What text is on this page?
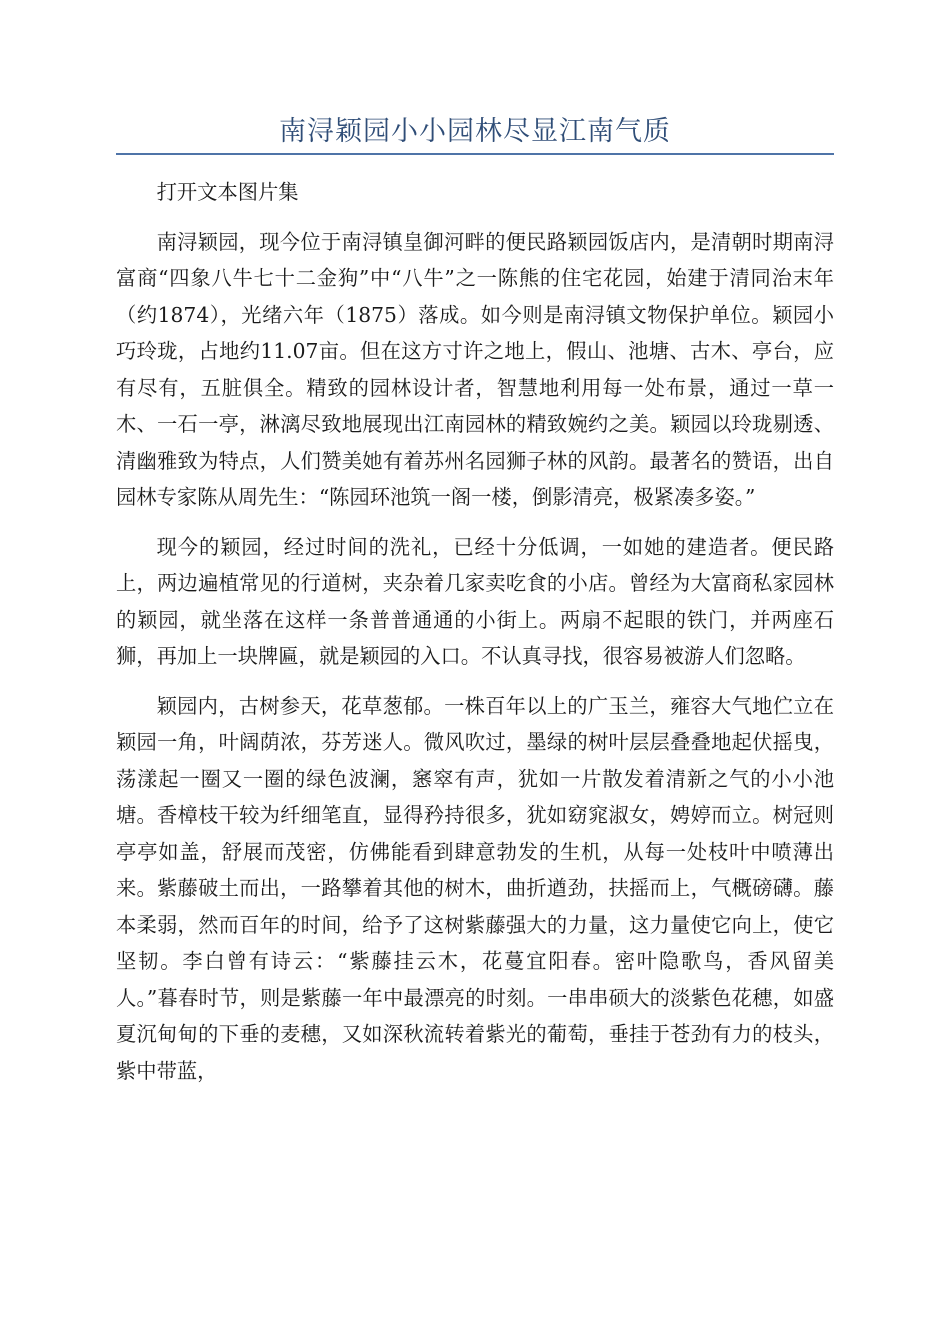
南浔颖园小小园林尽显江南气质

打开文本图片集

南浔颖园，现今位于南浔镇皇御河畔的便民路颖园饭店内，是清朝时期南浔富商“四象八牛七十二金狗”中“八牛”之一陈熊的住宅花园，始建于清同治末年（约1874），光绪六年（1875）落成。如今则是南浔镇文物保护单位。颖园小巧玲珑，占地约11.07亩。但在这方寸许之地上，假山、池塘、古木、亭台，应有尽有，五脏俱全。精致的园林设计者，智慧地利用每一处布景，通过一草一木、一石一亭，淋漓尽致地展现出江南园林的精致婉约之美。颖园以玲珑剔透、清幽雅致为特点，人们赞美她有着苏州名园狮子林的风韵。最著名的赞语，出自园林专家陈从周先生：“陈园环池筑一阁一楼，倒影清亮，极紧凑多姿。”

现今的颖园，经过时间的洗礼，已经十分低调，一如她的建造者。便民路上，两边遍植常见的行道树，夹杂着几家卖吃食的小店。曾经为大富商私家园林的颖园，就坐落在这样一条普普通通的小街上。两扇不起眼的铁门，并两座石狮，再加上一块牌匾，就是颖园的入口。不认真寻找，很容易被游人们忽略。

颖园内，古树参天，花草葱郁。一株百年以上的广玉兰，雍容大气地伫立在颖园一角，叶阔荫浓，芬芳迷人。微风吹过，墨绿的树叶层层叠叠地起伏摇曳，荡漾起一圈又一圈的绿色波澜，窸窣有声，犹如一片散发着清新之气的小小池塘。香樟枝干较为纤细笔直，显得矜持很多，犹如窈窕淑女，娉婷而立。树冠则亭亭如盖，舒展而茂密，仿佛能看到肆意勃发的生机，从每一处枝叶中喷薄出来。紫藤破土而出，一路攀着其他的树木，曲折遒劲，扶摇而上，气概磅礴。藤本柔弱，然而百年的时间，给予了这树紫藤强大的力量，这力量使它向上，使它坚韧。李白曾有诗云：“紫藤挂云木，花蔓宜阳春。密叶隐歌鸟，香风留美人。”暮春时节，则是紫藤一年中最漂亮的时刻。一串串硕大的淡紫色花穗，如盛夏沉甸甸的下垂的麦穗，又如深秋流转着紫光的葡萄，垂挂于苍劲有力的枝头，紫中带蓝，
